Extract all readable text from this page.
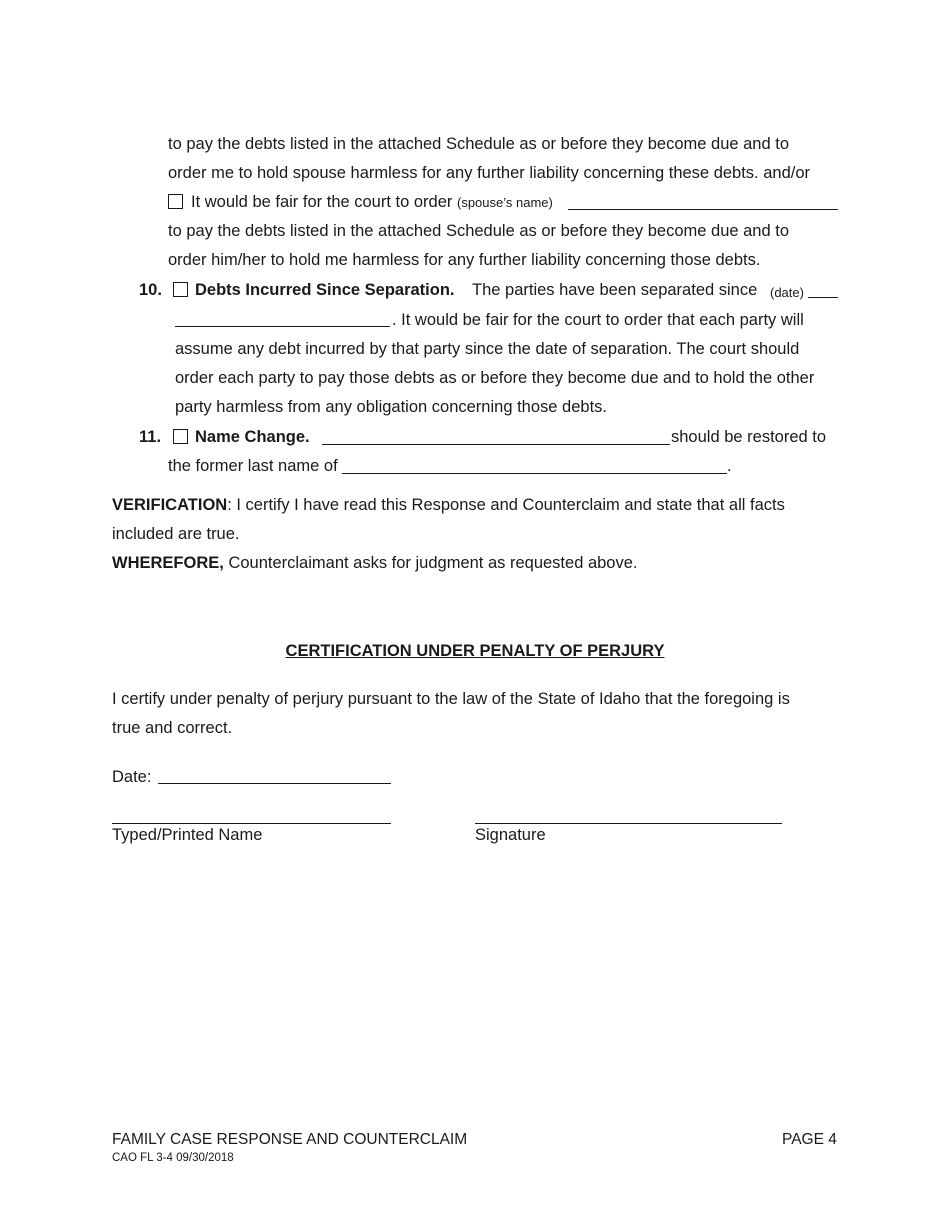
to pay the debts listed in the attached Schedule as or before they become due and to
order me to hold spouse harmless for any further liability concerning these debts. and/or
It would be fair for the court to order (spouse’s name)
to pay the debts listed in the attached Schedule as or before they become due and to
order him/her to hold me harmless for any further liability concerning those debts.
10. Debts Incurred Since Separation. The parties have been separated since (date)
. It would be fair for the court to order that each party will
assume any debt incurred by that party since the date of separation. The court should
order each party to pay those debts as or before they become due and to hold the other
party harmless from any obligation concerning those debts.
11. Name Change.	should be restored to
the former last name of	.
VERIFICATION: I certify I have read this Response and Counterclaim and state that all facts
included are true.
WHEREFORE, Counterclaimant asks for judgment as requested above.
CERTIFICATION UNDER PENALTY OF PERJURY
I certify under penalty of perjury pursuant to the law of the State of Idaho that the foregoing is
true and correct.
Date:
Typed/Printed Name	Signature
FAMILY CASE RESPONSE AND COUNTERCLAIM
CAO FL 3-4 09/30/2018
PAGE 4
